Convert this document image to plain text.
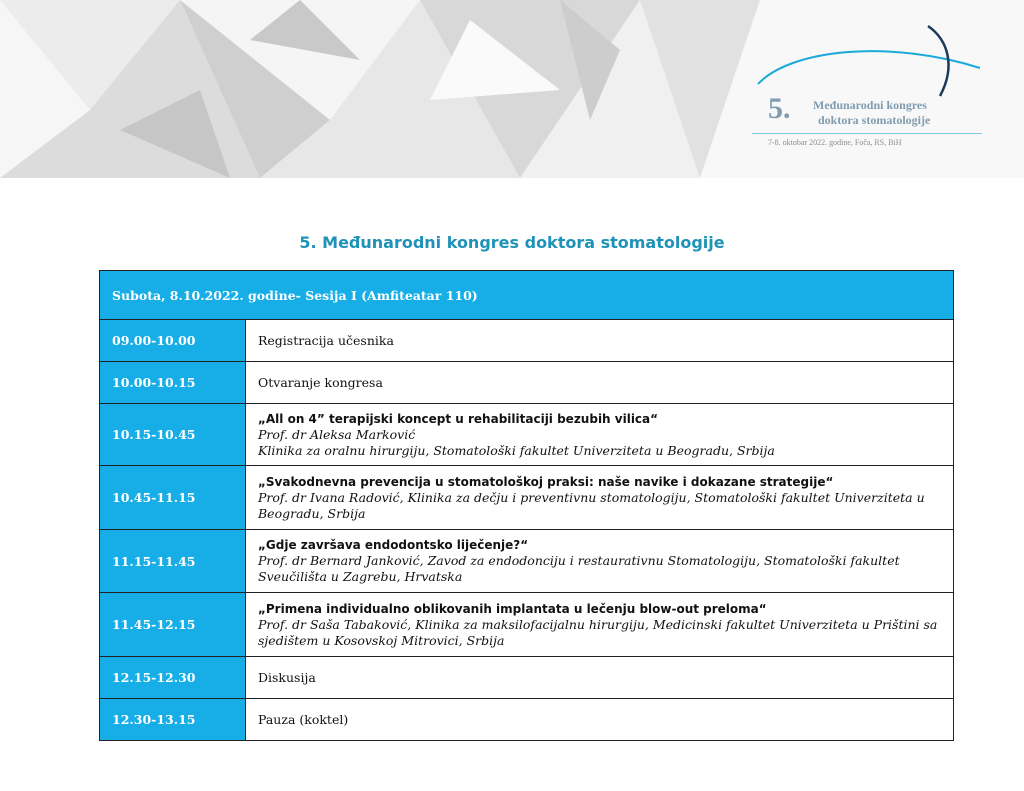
5. Međunarodni kongres
doktora stomatologije
7-8. oktobar 2022. godine, Foča, RS, BiH
5. Međunarodni kongres doktora stomatologije
Subota, 8.10.2022. godine- Sesija I (Amfiteatar 110)	
09.00-10.00	Registracija učesnika

10.00-10.15	Otvaranje kongresa

10.15-10.45	„All on 4” terapijski koncept u rehabilitaciji bezubih vilica“
Prof. dr Aleksa Marković
Klinika za oralnu hirurgiju, Stomatološki fakultet Univerziteta u Beogradu, Srbija

10.45-11.15	„Svakodnevna prevencija u stomatološkoj praksi: naše navike i dokazane strategije“
Prof. dr Ivana Radović, Klinika za dečju i preventivnu stomatologiju, Stomatološki fakultet Univerziteta u Beogradu, Srbija

11.15-11.45	„Gdje završava endodontsko liječenje?“
Prof. dr Bernard Janković, Zavod za endodonciju i restaurativnu Stomatologiju, Stomatološki fakultet Sveučilišta u Zagrebu, Hrvatska

11.45-12.15	„Primena individualno oblikovanih implantata u lečenju blow-out preloma“
Prof. dr Saša Tabaković, Klinika za maksilofacijalnu hirurgiju, Medicinski fakultet Univerziteta u Prištini sa sjedištem u Kosovskoj Mitrovici, Srbija

12.15-12.30	Diskusija

12.30-13.15	Pauza (koktel)
